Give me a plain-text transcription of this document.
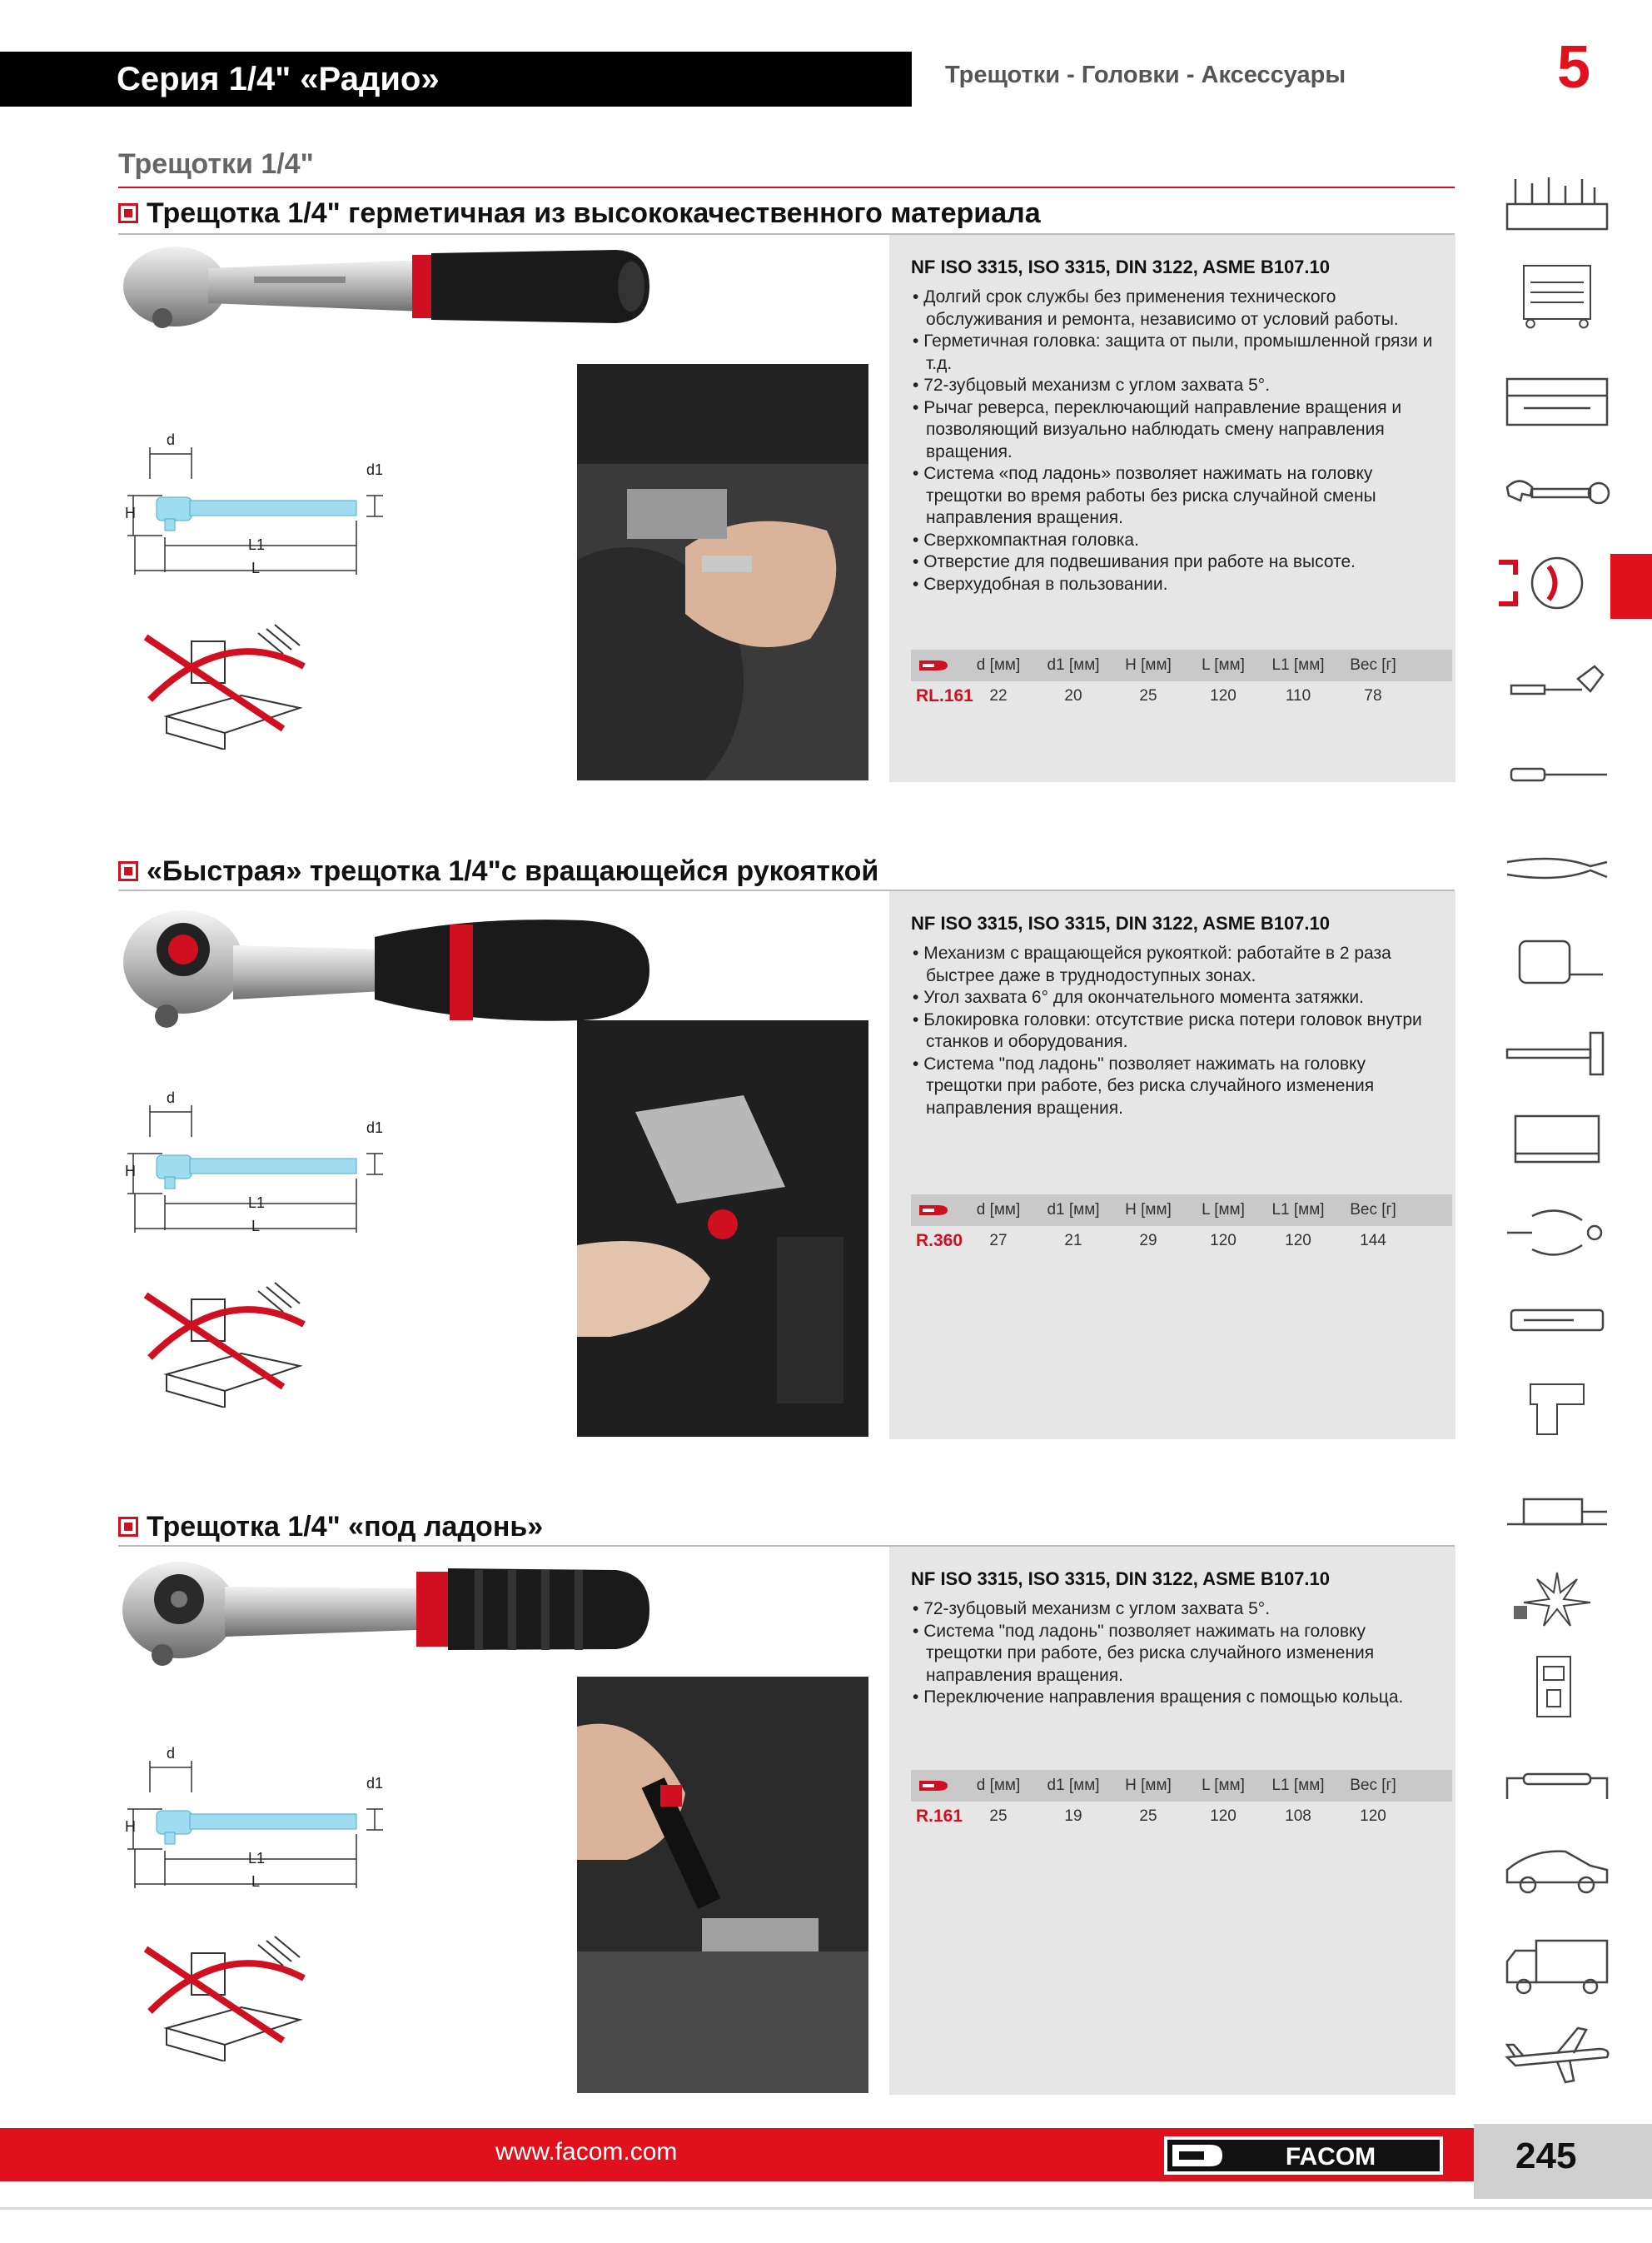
Серия 1/4" «Радио»	Трещотки - Головки - Аксессуары	5
Трещотки 1/4"
Трещотка 1/4" герметичная из высококачественного материала
d
d1
H
L1
L
NF ISO 3315, ISO 3315, DIN 3122, ASME B107.10
• Долгий срок службы без применения технического обслуживания и ремонта, независимо от условий работы.
• Герметичная головка: защита от пыли, промышленной грязи и т.д.
• 72-зубцовый механизм с углом захвата 5°.
• Рычаг реверса, переключающий направление вращения и позволяющий визуально наблюдать смену направления вращения.
• Система «под ладонь» позволяет нажимать на головку трещотки во время работы без риска случайной смены направления вращения.
• Сверхкомпактная головка.
• Отверстие для подвешивания при работе на высоте.
• Сверхудобная в пользовании.
d [мм]	d1 [мм]	H [мм]	L [мм]	L1 [мм]	Вес [г]
RL.161	22	20	25	120	110	78
«Быстрая» трещотка 1/4"с вращающейся рукояткой
d
d1
H
L1
L
NF ISO 3315, ISO 3315, DIN 3122, ASME B107.10
• Механизм с вращающейся рукояткой: работайте в 2 раза быстрее даже в труднодоступных зонах.
• Угол захвата 6° для окончательного момента затяжки.
• Блокировка головки: отсутствие риска потери головок внутри станков и оборудования.
• Система "под ладонь" позволяет нажимать на головку трещотки при работе, без риска случайного изменения направления вращения.
d [мм]	d1 [мм]	H [мм]	L [мм]	L1 [мм]	Вес [г]
R.360	27	21	29	120	120	144
Трещотка 1/4" «под ладонь»
d
d1
H
L1
L
NF ISO 3315, ISO 3315, DIN 3122, ASME B107.10
• 72-зубцовый механизм с углом захвата 5°.
• Система "под ладонь" позволяет нажимать на головку трещотки при работе, без риска случайного изменения направления вращения.
• Переключение направления вращения с помощью кольца.
d [мм]	d1 [мм]	H [мм]	L [мм]	L1 [мм]	Вес [г]
R.161	25	19	25	120	108	120
www.facom.com	FACOM	245
